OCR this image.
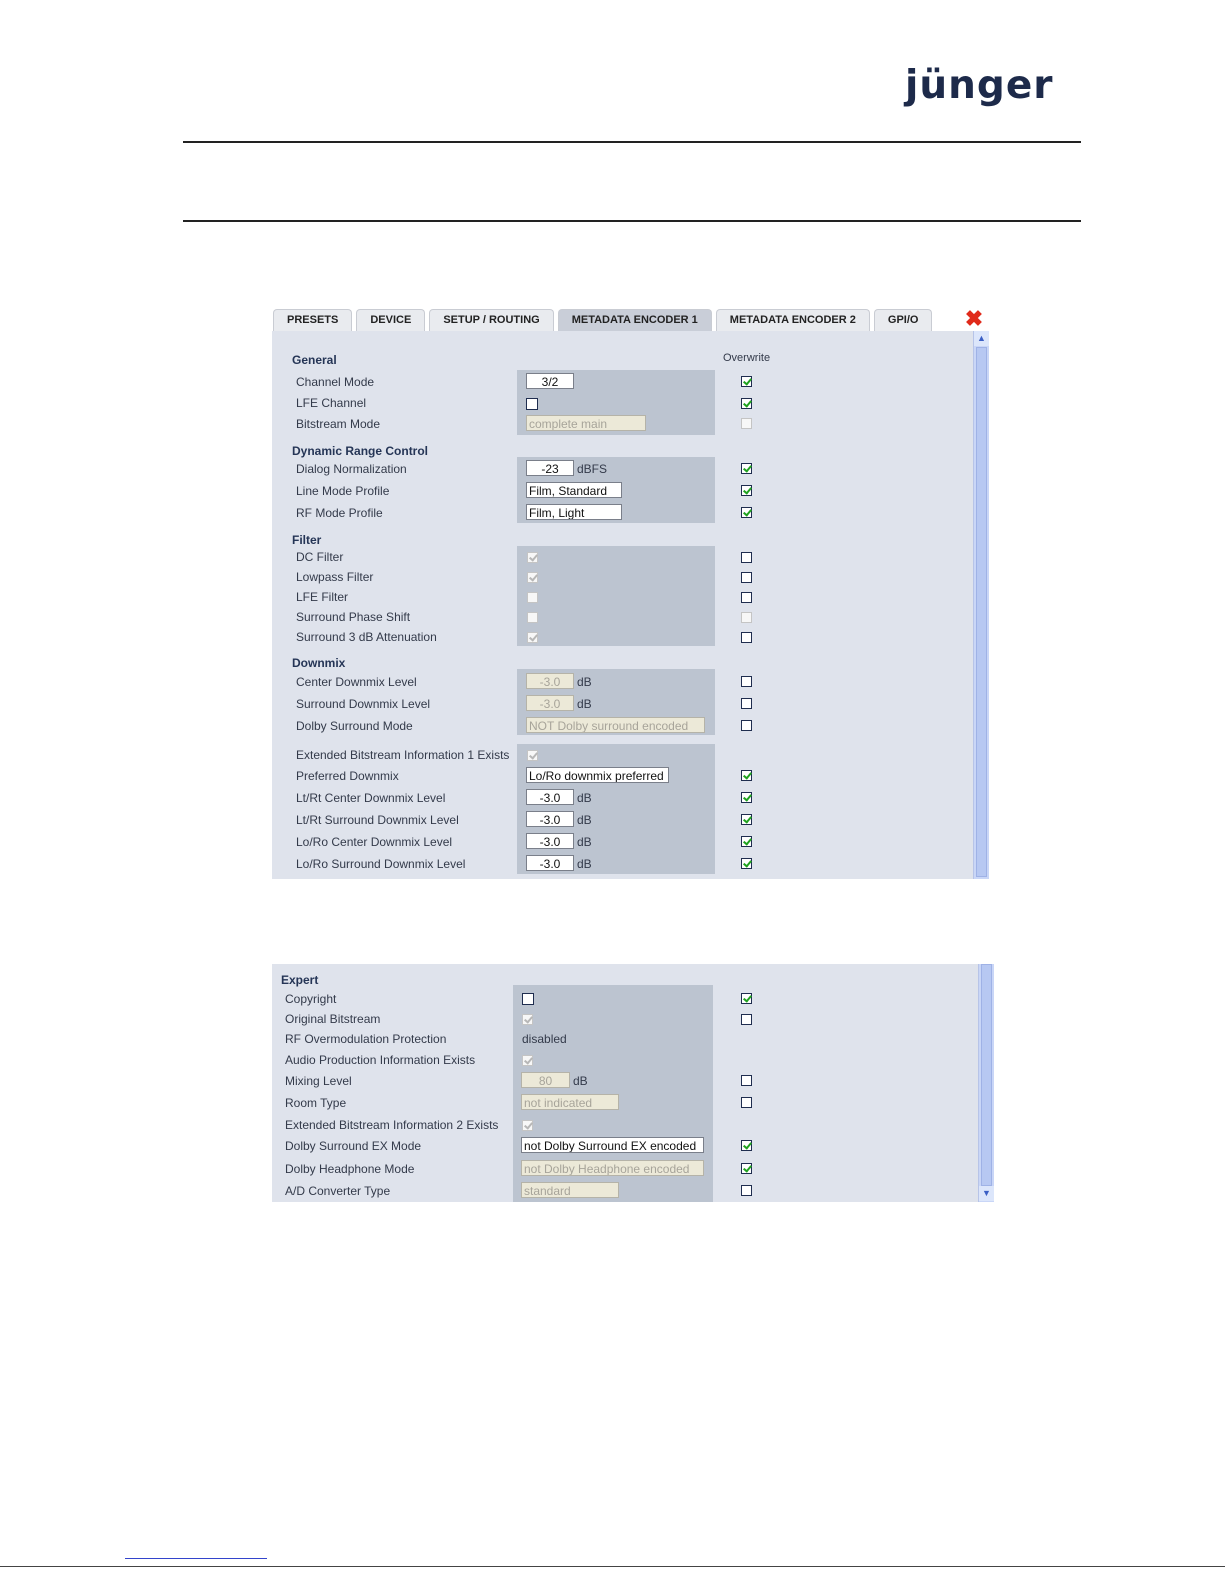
jünger
PRESETS	DEVICE	SETUP / ROUTING	METADATA ENCODER 1	METADATA ENCODER 2	GPI/O	✖
▲
Overwrite
General
Channel Mode	3/2
LFE Channel
Bitstream Mode	complete main
Dynamic Range Control
Dialog Normalization	-23	dBFS
Line Mode Profile	Film, Standard
RF Mode Profile	Film, Light
Filter
DC Filter
Lowpass Filter
LFE Filter
Surround Phase Shift
Surround 3 dB Attenuation
Downmix
Center Downmix Level	-3.0	dB
Surround Downmix Level	-3.0	dB
Dolby Surround Mode	NOT Dolby surround encoded
Extended Bitstream Information 1 Exists
Preferred Downmix	Lo/Ro downmix preferred
Lt/Rt Center Downmix Level	-3.0	dB
Lt/Rt Surround Downmix Level	-3.0	dB
Lo/Ro Center Downmix Level	-3.0	dB
Lo/Ro Surround Downmix Level	-3.0	dB
▼
Expert
Copyright
Original Bitstream
RF Overmodulation Protection	disabled
Audio Production Information Exists
Mixing Level	80	dB
Room Type	not indicated
Extended Bitstream Information 2 Exists
Dolby Surround EX Mode	not Dolby Surround EX encoded
Dolby Headphone Mode	not Dolby Headphone encoded
A/D Converter Type	standard
